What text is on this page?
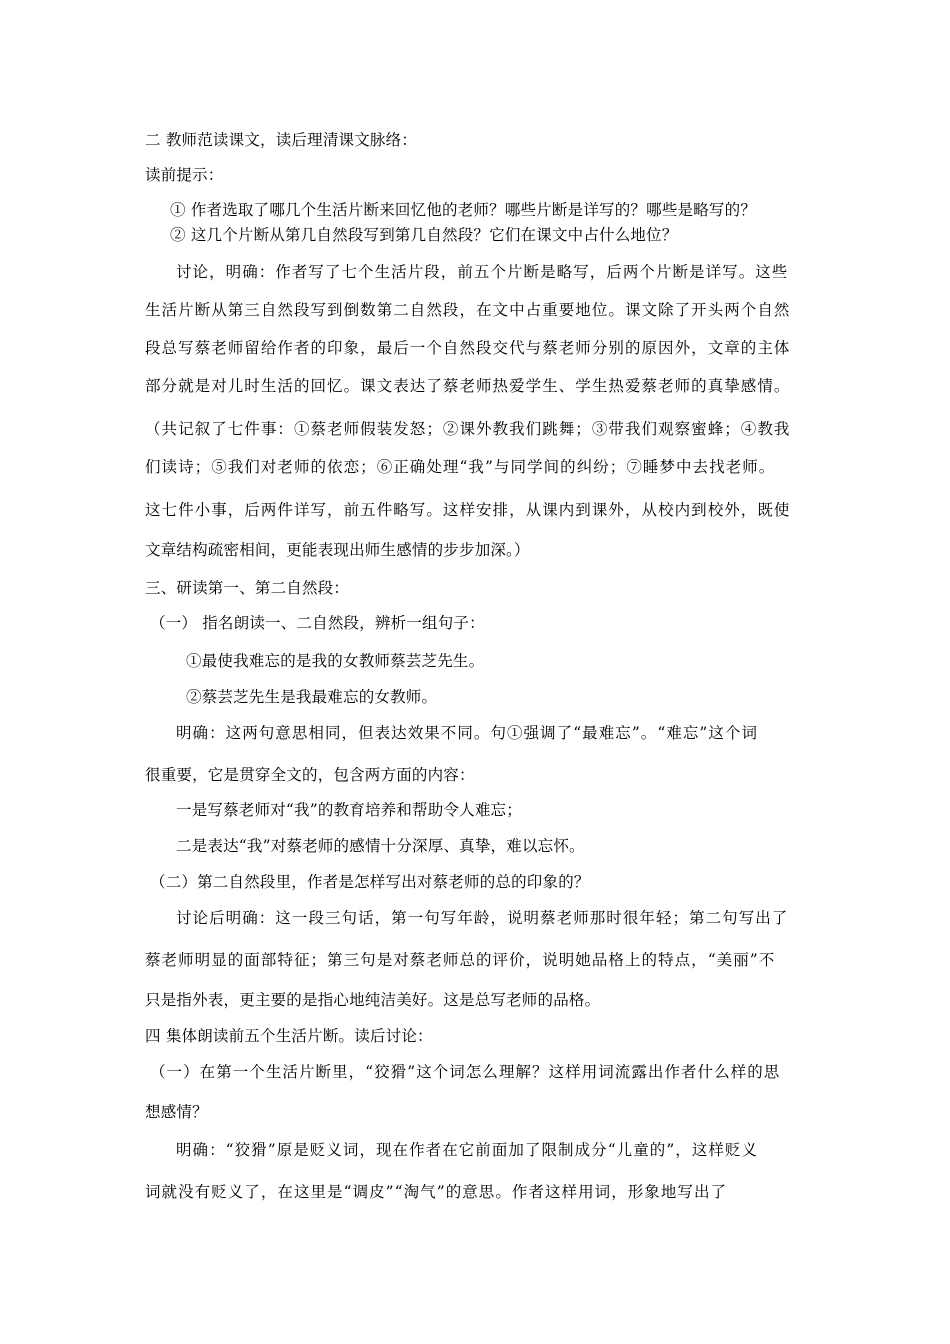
二 教师范读课文，读后理清课文脉络：
读前提示：
① 作者选取了哪几个生活片断来回忆他的老师？哪些片断是详写的？哪些是略写的？
② 这几个片断从第几自然段写到第几自然段？它们在课文中占什么地位？
讨论，明确：作者写了七个生活片段，前五个片断是略写，后两个片断是详写。这些
生活片断从第三自然段写到倒数第二自然段，在文中占重要地位。课文除了开头两个自然
段总写蔡老师留给作者的印象，最后一个自然段交代与蔡老师分别的原因外，文章的主体
部分就是对儿时生活的回忆。课文表达了蔡老师热爱学生、学生热爱蔡老师的真挚感情。
（共记叙了七件事：①蔡老师假装发怒；②课外教我们跳舞；③带我们观察蜜蜂；④教我
们读诗；⑤我们对老师的依恋；⑥正确处理“我”与同学间的纠纷；⑦睡梦中去找老师。
这七件小事，后两件详写，前五件略写。这样安排，从课内到课外，从校内到校外，既使
文章结构疏密相间，更能表现出师生感情的步步加深。）
三、研读第一、第二自然段：
（一） 指名朗读一、二自然段，辨析一组句子：
①最使我难忘的是我的女教师蔡芸芝先生。
②蔡芸芝先生是我最难忘的女教师。
明确：这两句意思相同，但表达效果不同。句①强调了“最难忘”。“难忘”这个词
很重要，它是贯穿全文的，包含两方面的内容：
一是写蔡老师对“我”的教育培养和帮助令人难忘；
二是表达“我”对蔡老师的感情十分深厚、真挚，难以忘怀。
（二）第二自然段里，作者是怎样写出对蔡老师的总的印象的？
讨论后明确：这一段三句话，第一句写年龄，说明蔡老师那时很年轻；第二句写出了
蔡老师明显的面部特征；第三句是对蔡老师总的评价，说明她品格上的特点，“美丽”不
只是指外表，更主要的是指心地纯洁美好。这是总写老师的品格。
四 集体朗读前五个生活片断。读后讨论：
（一）在第一个生活片断里，“狡猾”这个词怎么理解？这样用词流露出作者什么样的思
想感情？
明确：“狡猾”原是贬义词，现在作者在它前面加了限制成分“儿童的”，这样贬义
词就没有贬义了，在这里是“调皮”“淘气”的意思。作者这样用词，形象地写出了
